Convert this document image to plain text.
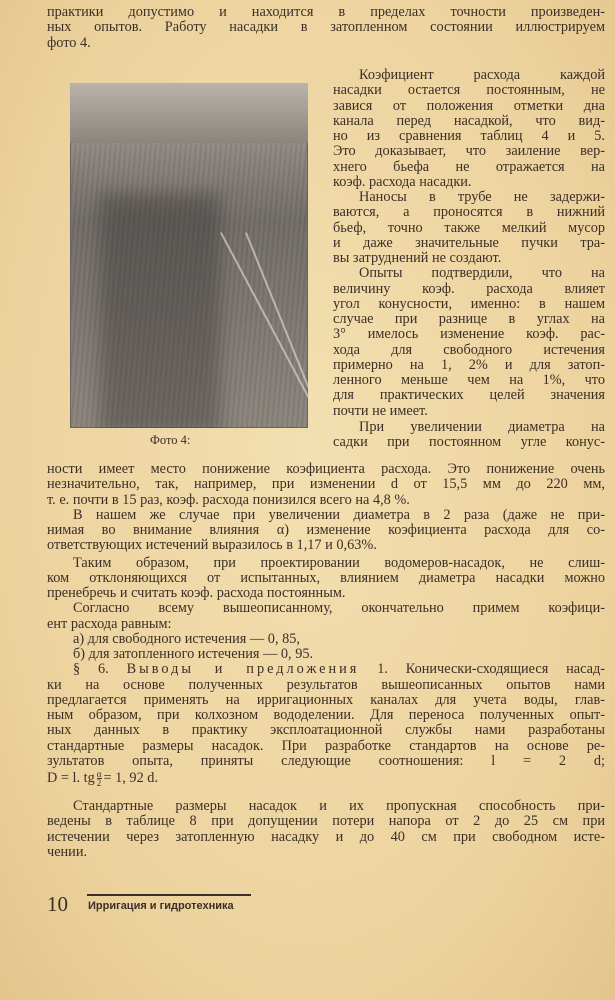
практики допустимо и находится в пределах точности произведен-
ных опытов. Работу насадки в затопленном состоянии иллюстрируем
фото 4.
Фото 4:
Коэфициент расхода каждой
насадки остается постоянным, не
завися от положения отметки дна
канала перед насадкой, что вид-
но из сравнения таблиц 4 и 5.
Это доказывает, что заиление вер-
хнего бьефа не отражается на
коэф. расхода насадки.
Наносы в трубе не задержи-
ваются, а проносятся в нижний
бьеф, точно также мелкий мусор
и даже значительные пучки тра-
вы затруднений не создают.
Опыты подтвердили, что на
величину коэф. расхода влияет
угол конусности, именно: в нашем
случае при разнице в углах на
3° имелось изменение коэф. рас-
хода для свободного истечения
примерно на 1, 2% и для затоп-
ленного меньше чем на 1%, что
для практических целей значения
почти не имеет.
При увеличении диаметра на
садки при постоянном угле конус-
ности имеет место понижение коэфициента расхода. Это понижение очень
незначительно, так, например, при изменении d от 15,5 мм до 220 мм,
т. е. почти в 15 раз, коэф. расхода понизился всего на 4,8 %.
В нашем же случае при увеличении диаметра в 2 раза (даже не при-
нимая во внимание влияния α) изменение коэфициента расхода для со-
ответствующих истечений выразилось в 1,17 и 0,63%.
Таким образом, при проектировании водомеров-насадок, не слиш-
ком отклоняющихся от испытанных, влиянием диаметра насадки можно
пренебречь и считать коэф. расхода постоянным.
Согласно всему вышеописанному, окончательно примем коэфици-
ент расхода равным:
а) для свободного истечения — 0, 85,
б) для затопленного истечения — 0, 95.
§ 6. Выводы и предложения 1. Конически-сходящиеся насад-
ки на основе полученных результатов вышеописанных опытов нами
предлагается применять на ирригационных каналах для учета воды, глав-
ным образом, при колхозном вододелении. Для переноса полученных опыт-
ных данных в практику эксплоатационной службы нами разработаны
стандартные размеры насадок. При разработке стандартов на основе ре-
зультатов опыта, приняты следующие соотношения: l = 2 d;
D = l. tg $\frac{\alpha}{2} = 1$, 92 d.
Стандартные размеры насадок и их пропускная способность при-
ведены в таблице 8 при допущении потери напора от 2 до 25 см при
истечении через затопленную насадку и до 40 см при свободном исте-
чении.
10 Ирригация и гидротехника
